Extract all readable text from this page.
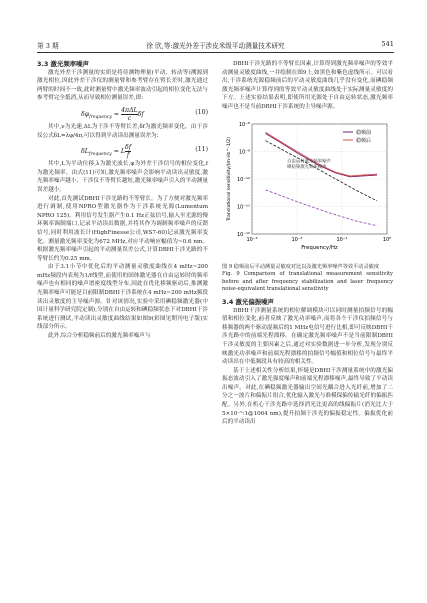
第 3 期	徐 欣,等:激光外差干涉皮米级平动测量技术研究	541

3.3 激光频率噪声

激光外差干涉测量的实质是将待测物理量(平动、转动等)溯源到激光相位,因此外差干涉仪的测量臂和参考臂存在臂长差时,激光通过两臂的时间不一致,此时测量臂中激光频率波动引起的相位变化无法与参考臂完全抵消,从而导致相位测量误差,即:

$\delta\varphi_{frequency}$ =
4πΔL
c
δf	(10)

其中,ν为光速,ΔL为干涉不等臂长差,δf为激光频率变化。由于涉仪公式δL=λφ/4π,可以得到平动读出测量误差为:

$\delta L_{frequency} = L \frac{\delta f}{f}$	(11)

其中,L为平动位移,λ为激光波长,φ为外差干涉信号的相位变化,f为激光频率。由式(11)可知,激光频率噪声会影响平动读出灵敏度,激光频率噪声越小、干涉仪不等臂长越短,激光频率噪声引入的平动测量误差越小。

对此,首先测试DBHI干涉光路的不等臂长。为了方便对激光频率进行调制,使用NPRO型激光器作为干涉系统光源(Lumentum NPRO 125)。利用信号发生器产生0.1 Hz正弦信号,输入至光源的慢环频率调制端口,记录平动读出数据,并将其作为调制频率噪声的反馈信号,同时利用波长计(HighFinesse公司,WS7-60)记录激光频率变化。测量激光频率变化为672 MHz,对应平动响应幅值为~0.6 nm。根据激光频率噪声引起的平动测量误差公式,计算DBHI干涉光路的不等臂长约为0.25 mm。

由于3.1小节中优化后的平动测量灵敏度曲线在4 mHz~200 mHz频段内表现为1/f线型,而使用的固体激光器在自由运转时的频率噪声也有相同的噪声谱密度线型分布,因此在优化移频驱动后,推测激光频率噪声可能是目前限制DBHI干涉系统在4 mHz~200 mHz频段读出灵敏度的主导噪声源。针对该情况,实验中采用碘稳频激光器(中国计量科学研究院定制),分别在自由运转和碘稳频状态下对DBHI干涉系统进行测试,平动读出灵敏度曲线结果如图9(彩图见期刊电子版)实线部分所示。

此外,综合分析稳频前后的激光频率噪声与

DBHI干涉光路的不等臂长因素,计算得到激光频率噪声的等效平动测量灵敏度曲线,一并绘制在图9上,如黑色和紫色虚线所示。可以看出,干涉系统光源稳频前后的平动灵敏度曲线几乎没有变化,而碘稳频激光频率噪声计算得到的等效平动灵敏度曲线处于实际测量灵敏度的下方。上述实验结果表明,即使所用光源处于自由运转状态,激光频率噪声也不是当前DBHI干涉系统的主导噪声源。

10⁻⁸
10⁻⁹
10⁻¹⁰
10⁻¹¹
10⁻¹²
10⁻³	10⁻²	10⁻¹	10⁰
Frequency/Hz
Translational sensitivity/(m·Hz^-1/2)
稳频前
稳频后
自由运转激光频率噪声
碘稳频激光频率噪声

图 9 稳频前后平动测量灵敏度对比以及激光频率噪声等效平动灵敏度

Fig. 9 Comparison of translational measurement sensitivity before and after frequency stabilization and laser frequency noise-equivalent translational sensitivity

3.4 激光偏振噪声

DBHI干涉测量系统的相位解调模块可以同时测量拍频信号的幅值和相位变化,前者反映了激光功率噪声,而将各个干涉仪拍频信号与移频器的两个驱动混频后的1 MHz电信号进行比相,即可反映DBHI干涉光路中的前端光程漂移。在确定激光频率噪声不是当前限制DBHI干涉灵敏度的主要因素之后,通过对实验数据进一步分析,发现分别反映激光功率噪声和前端光程漂移的拍频信号幅值和相位信号与最终平动读出在中低频段具有较高的相关性。

基于上述相关性分析结果,怀疑是DBHI干涉测量系统中的激光偏振态波动引入了激光强度噪声和前端光程漂移噪声,最终导致了平动读出噪声。对此,在碘稳频激光器输出空间光耦合进入光纤前,增加了二分之一波片和偏振片组合,优化输入激光与准模保偏传输光纤的偏振匹配。另外,在机心干涉光路中选择消光比更高的线偏振片(消光比大于5×10⁻⁵:1@1064 nm),提升拍频干涉光的偏振稳定性。偏振优化前后的平动读出
